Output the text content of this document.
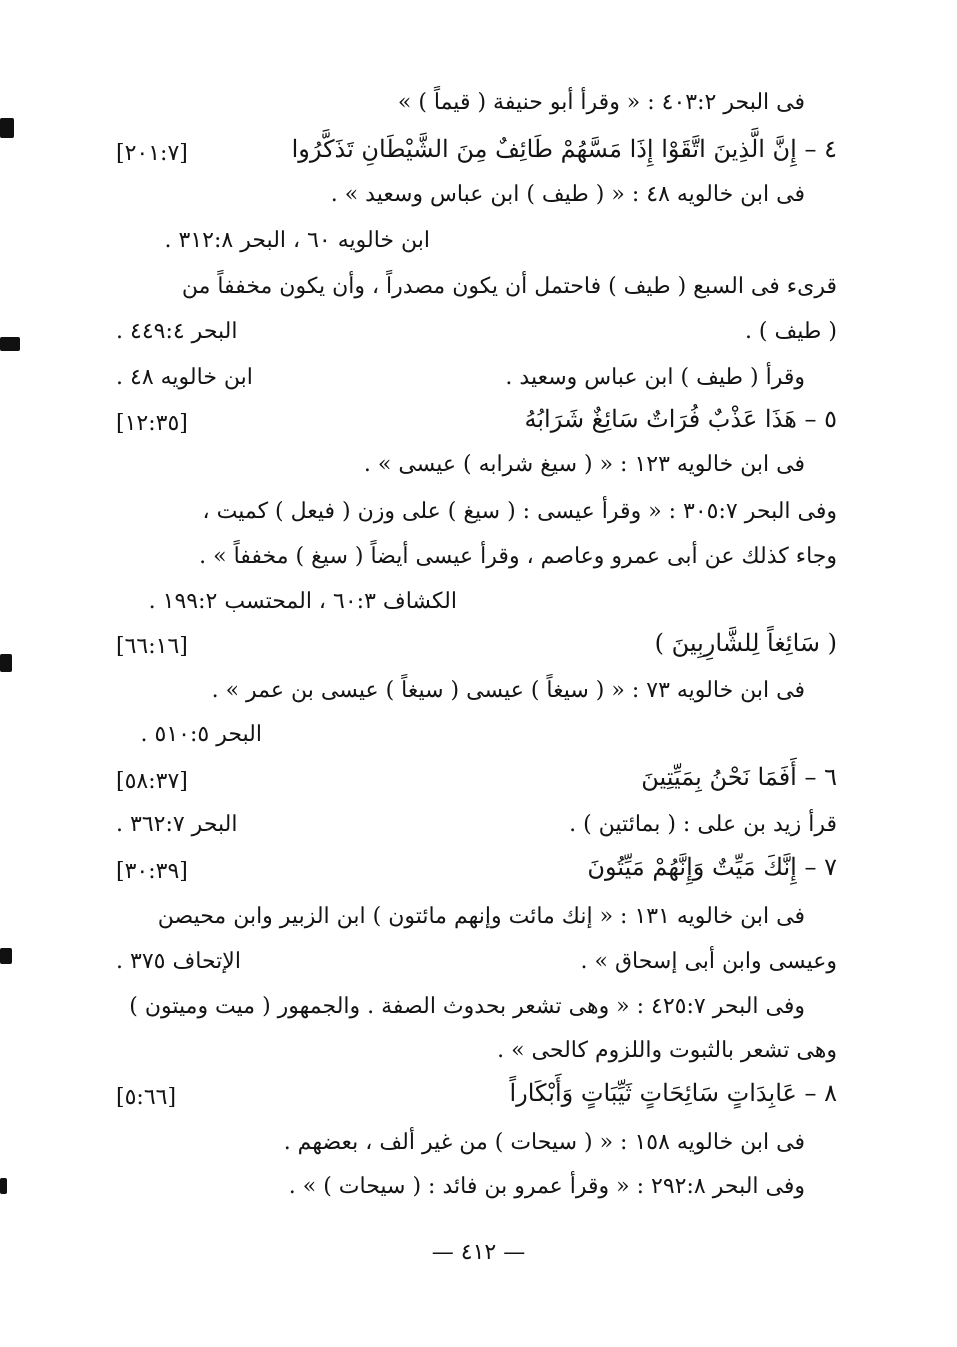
فى البحر ٤٠٣:٢ : « وقرأ أبو حنيفة ( قيماً ) »
٤ – إِنَّ الَّذِينَ اتَّقَوْا إِذَا مَسَّهُمْ طَائِفٌ مِنَ الشَّيْطَانِ تَذَكَّرُوا
[٢٠١:٧]
فى ابن خالويه ٤٨ : « ( طيف ) ابن عباس وسعيد » .
ابن خالويه ٦٠ ، البحر ٣١٢:٨ .
قرىء فى السبع ( طيف ) فاحتمل أن يكون مصدراً ، وأن يكون مخففاً من
( طيف ) .
البحر ٤٤٩:٤ .
وقرأ ( طيف ) ابن عباس وسعيد .
ابن خالويه ٤٨ .
٥ – هَذَا عَذْبٌ فُرَاتٌ سَائِغٌ شَرَابُهُ
[١٢:٣٥]
فى ابن خالويه ١٢٣ : « ( سيغ شرابه ) عيسى » .
وفى البحر ٣٠٥:٧ : « وقرأ عيسى : ( سيغ ) على وزن ( فيعل ) كميت ،
وجاء كذلك عن أبى عمرو وعاصم ، وقرأ عيسى أيضاً ( سيغ ) مخففاً » .
الكشاف ٦٠:٣ ، المحتسب ١٩٩:٢ .
( سَائِغاً لِلشَّارِبِينَ )
[٦٦:١٦]
فى ابن خالويه ٧٣ : « ( سيغاً ) عيسى ( سيغاً ) عيسى بن عمر » .
البحر ٥١٠:٥ .
٦ – أَفَمَا نَحْنُ بِمَيِّتِينَ
[٥٨:٣٧]
قرأ زيد بن على : ( بمائتين ) .
البحر ٣٦٢:٧ .
٧ – إِنَّكَ مَيِّتٌ وَإِنَّهُمْ مَيِّتُونَ
[٣٠:٣٩]
فى ابن خالويه ١٣١ : « إنك مائت وإنهم مائتون ) ابن الزبير وابن محيصن
وعيسى وابن أبى إسحاق » .
الإتحاف ٣٧٥ .
وفى البحر ٤٢٥:٧ : « وهى تشعر بحدوث الصفة . والجمهور ( ميت وميتون )
وهى تشعر بالثبوت واللزوم كالحى » .
٨ – عَابِدَاتٍ سَائِحَاتٍ ثَيِّبَاتٍ وَأَبْكَاراً
[٥:٦٦]
فى ابن خالويه ١٥٨ : « ( سيحات ) من غير ألف ، بعضهم .
وفى البحر ٢٩٢:٨ : « وقرأ عمرو بن فائد : ( سيحات ) » .
— ٤١٢ —
